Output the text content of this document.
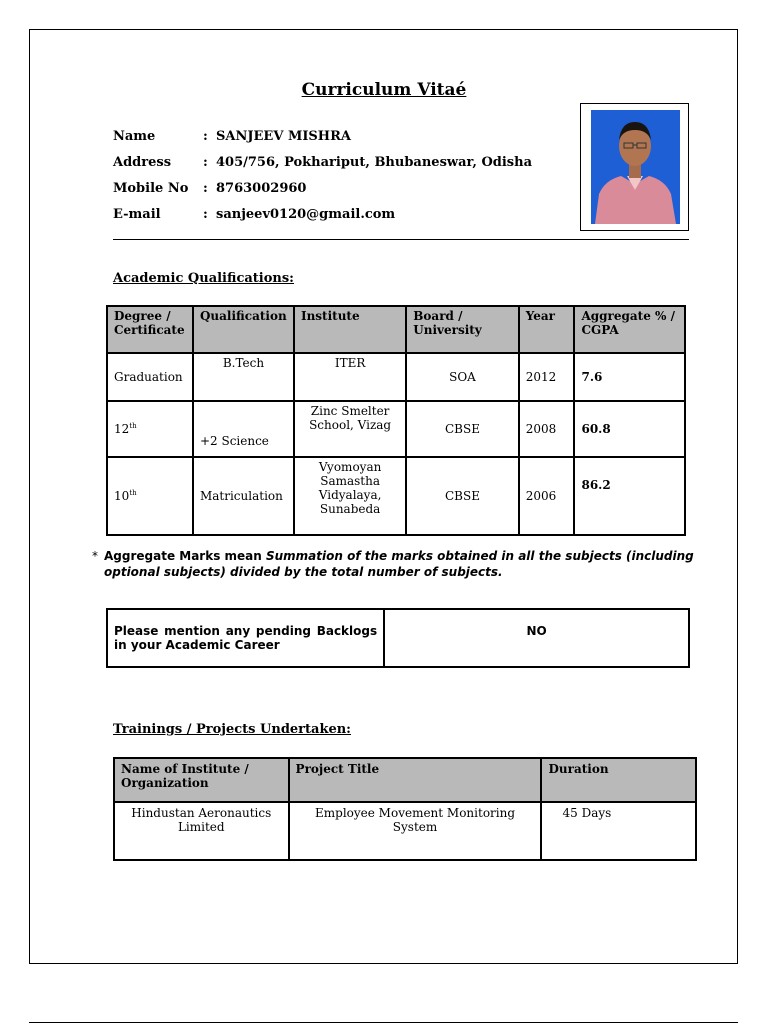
Curriculum Vitaé
Name	: SANJEEV MISHRA
Address : 405/756, Pokhariput, Bhubaneswar, Odisha
Mobile No : 8763002960
E-mail	: sanjeev0120@gmail.com
Academic Qualifications:
Degree / Certificate	Qualification	Institute	Board / University	Year	Aggregate % / CGPA
Graduation	B.Tech	ITER	SOA	2012	7.6
12th	+2 Science	Zinc Smelter School, Vizag	CBSE	2008	60.8
10th	Matriculation	Vyomoyan Samastha Vidyalaya, Sunabeda	CBSE	2006	86.2
* Aggregate Marks mean Summation of the marks obtained in all the subjects (including optional subjects) divided by the total number of subjects.
Please mention any pending Backlogs in your Academic Career	NO
Trainings / Projects Undertaken:
Name of Institute / Organization	Project Title	Duration
Hindustan Aeronautics Limited	Employee Movement Monitoring System	45 Days
